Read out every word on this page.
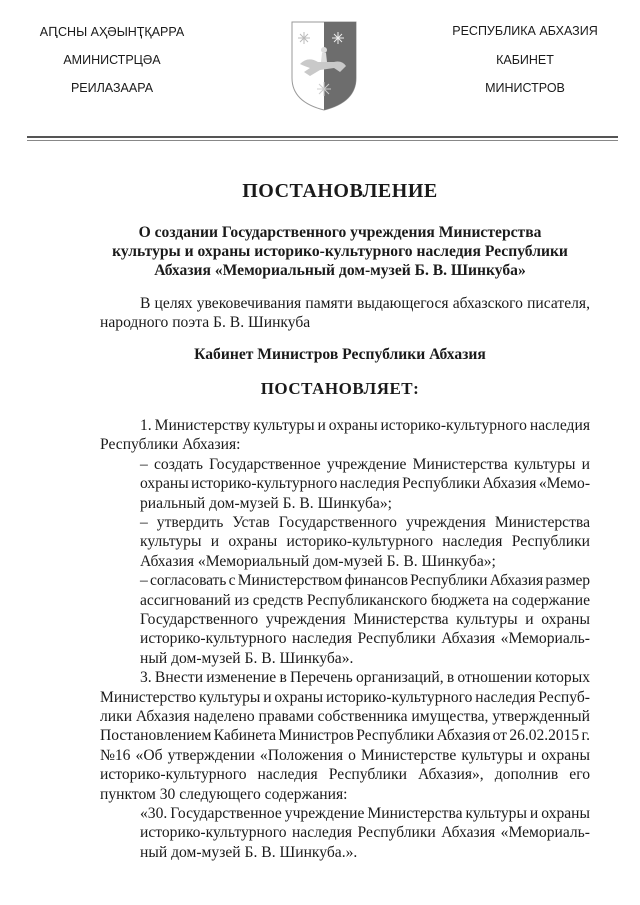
АԤСНЫ АҲӘЫНҬҚАРРА
АМИНИСТРЦӘА
РЕИЛАЗААРА
РЕСПУБЛИКА АБХАЗИЯ
КАБИНЕТ
МИНИСТРОВ
ПОСТАНОВЛЕНИЕ
О создании Государственного учреждения Министерства
культуры и охраны историко-культурного наследия Республики
Абхазия «Мемориальный дом-музей Б. В. Шинкуба»
В целях увековечивания памяти выдающегося абхазского писателя,
народного поэта Б. В. Шинкуба
Кабинет Министров Республики Абхазия
ПОСТАНОВЛЯЕТ:
1. Министерству культуры и охраны историко-культурного наследия
Республики Абхазия:
– создать Государственное учреждение Министерства культуры и
охраны историко-культурного наследия Республики Абхазия «Мемо-
риальный дом-музей Б. В. Шинкуба»;
– утвердить Устав Государственного учреждения Министерства
культуры и охраны историко-культурного наследия Республики
Абхазия «Мемориальный дом-музей Б. В. Шинкуба»;
– согласовать с Министерством финансов Республики Абхазия размер
ассигнований из средств Республиканского бюджета на содержание
Государственного учреждения Министерства культуры и охраны
историко-культурного наследия Республики Абхазия «Мемориаль-
ный дом-музей Б. В. Шинкуба».
3. Внести изменение в Перечень организаций, в отношении которых
Министерство культуры и охраны историко-культурного наследия Респуб-
лики Абхазия наделено правами собственника имущества, утвержденный
Постановлением Кабинета Министров Республики Абхазия от 26.02.2015 г.
№16 «Об утверждении «Положения о Министерстве культуры и охраны
историко-культурного наследия Республики Абхазия», дополнив его
пунктом 30 следующего содержания:
«30. Государственное учреждение Министерства культуры и охраны
историко-культурного наследия Республики Абхазия «Мемориаль-
ный дом-музей Б. В. Шинкуба.».
